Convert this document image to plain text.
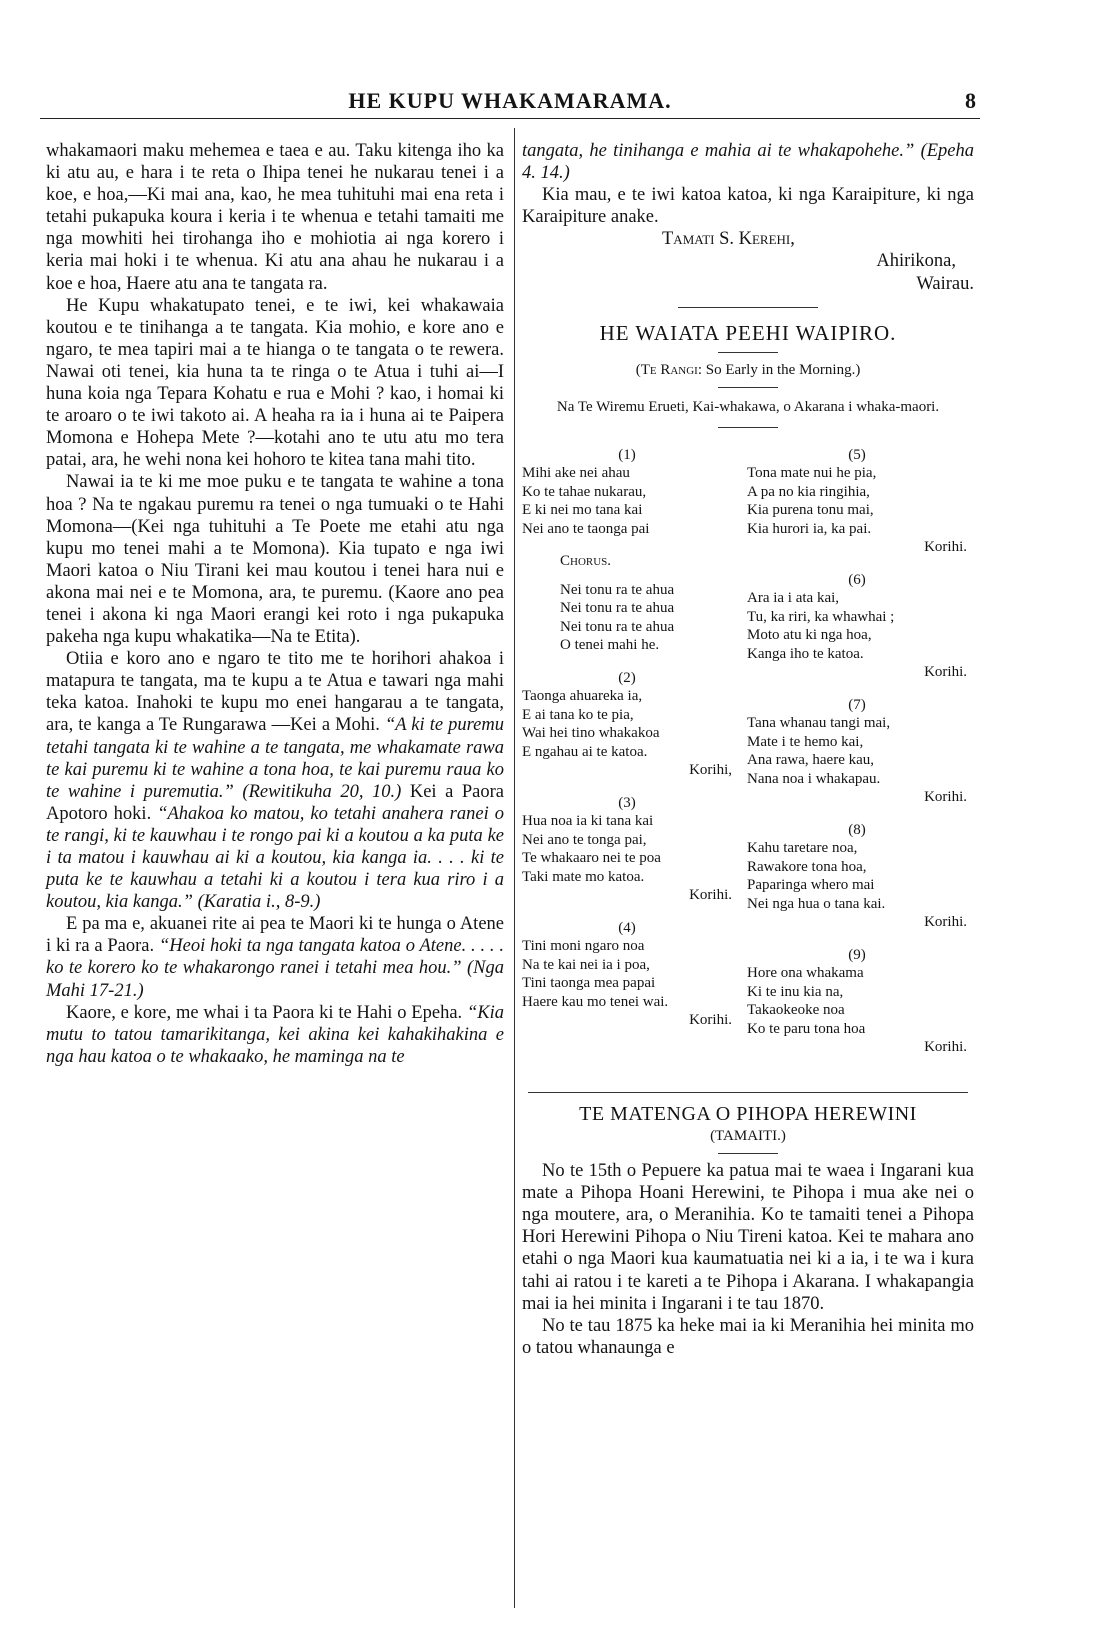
HE KUPU WHAKAMARAMA.	8

whakamaori maku mehemea e taea e au. Taku kitenga iho ka ki atu au, e hara i te reta o Ihipa tenei he nukarau tenei i a koe, e hoa,—Ki mai ana, kao, he mea tuhituhi mai ena reta i tetahi pukapuka koura i keria i te whenua e tetahi tamaiti me nga mowhiti hei tirohanga iho e mohiotia ai nga korero i keria mai hoki i te whenua. Ki atu ana ahau he nukarau i a koe e hoa, Haere atu ana te tangata ra.

He Kupu whakatupato tenei, e te iwi, kei whakawaia koutou e te tinihanga a te tangata. Kia mohio, e kore ano e ngaro, te mea tapiri mai a te hianga o te tangata o te rewera. Nawai oti tenei, kia huna ta te ringa o te Atua i tuhi ai—I huna koia nga Tepara Kohatu e rua e Mohi ? kao, i homai ki te aroaro o te iwi takoto ai. A heaha ra ia i huna ai te Paipera Momona e Hohepa Mete ?—kotahi ano te utu atu mo tera patai, ara, he wehi nona kei hohoro te kitea tana mahi tito.

Nawai ia te ki me moe puku e te tangata te wahine a tona hoa ? Na te ngakau puremu ra tenei o nga tumuaki o te Hahi Momona—(Kei nga tuhituhi a Te Poete me etahi atu nga kupu mo tenei mahi a te Momona). Kia tupato e nga iwi Maori katoa o Niu Tirani kei mau koutou i tenei hara nui e akona mai nei e te Momona, ara, te puremu. (Kaore ano pea tenei i akona ki nga Maori erangi kei roto i nga pukapuka pakeha nga kupu whakatika—Na te Etita).

Otiia e koro ano e ngaro te tito me te horihori ahakoa i matapura te tangata, ma te kupu a te Atua e tawari nga mahi teka katoa. Inahoki te kupu mo enei hangarau a te tangata, ara, te kanga a Te Rungarawa —Kei a Mohi. “A ki te puremu tetahi tangata ki te wahine a te tangata, me whakamate rawa te kai puremu ki te wahine a tona hoa, te kai puremu raua ko te wahine i puremutia.” (Rewitikuha 20, 10.) Kei a Paora Apotoro hoki. “Ahakoa ko matou, ko tetahi anahera ranei o te rangi, ki te kauwhau i te rongo pai ki a koutou a ka puta ke i ta matou i kauwhau ai ki a koutou, kia kanga ia. . . . ki te puta ke te kauwhau a tetahi ki a koutou i tera kua riro i a koutou, kia kanga.” (Karatia i., 8-9.)

E pa ma e, akuanei rite ai pea te Maori ki te hunga o Atene i ki ra a Paora. “Heoi hoki ta nga tangata katoa o Atene. . . . . ko te korero ko te whakarongo ranei i tetahi mea hou.” (Nga Mahi 17-21.)

Kaore, e kore, me whai i ta Paora ki te Hahi o Epeha. “Kia mutu to tatou tamarikitanga, kei akina kei kahakihakina e nga hau katoa o te whakaako, he maminga na te

tangata, he tinihanga e mahia ai te whakapohehe.” (Epeha 4. 14.)

Kia mau, e te iwi katoa katoa, ki nga Karaipiture, ki nga Karaipiture anake.

Tamati S. Kerehi,
Ahirikona,
Wairau.
HE WAIATA PEEHI WAIPIRO.
(Te Rangi: So Early in the Morning.)
Na Te Wiremu Erueti, Kai-whakawa, o Akarana i whaka-maori.
(1)
Mihi ake nei ahau
Ko te tahae nukarau,
E ki nei mo tana kai
Nei ano te taonga pai
Chorus.
Nei tonu ra te ahua
Nei tonu ra te ahua
Nei tonu ra te ahua
O tenei mahi he.
(2)
Taonga ahuareka ia,
E ai tana ko te pia,
Wai hei tino whakakoa
E ngahau ai te katoa.
Korihi,
(3)
Hua noa ia ki tana kai
Nei ano te tonga pai,
Te whakaaro nei te poa
Taki mate mo katoa.
Korihi.
(4)
Tini moni ngaro noa
Na te kai nei ia i poa,
Tini taonga mea papai
Haere kau mo tenei wai.
Korihi.
(5)
Tona mate nui he pia,
A pa no kia ringihia,
Kia purena tonu mai,
Kia hurori ia, ka pai.
Korihi.
(6)
Ara ia i ata kai,
Tu, ka riri, ka whawhai ;
Moto atu ki nga hoa,
Kanga iho te katoa.
Korihi.
(7)
Tana whanau tangi mai,
Mate i te hemo kai,
Ana rawa, haere kau,
Nana noa i whakapau.
Korihi.
(8)
Kahu taretare noa,
Rawakore tona hoa,
Paparinga whero mai
Nei nga hua o tana kai.
Korihi.
(9)
Hore ona whakama
Ki te inu kia na,
Takaokeoke noa
Ko te paru tona hoa
Korihi.
TE MATENGA O PIHOPA HEREWINI
(TAMAITI.)

No te 15th o Pepuere ka patua mai te waea i Ingarani kua mate a Pihopa Hoani Herewini, te Pihopa i mua ake nei o nga moutere, ara, o Meranihia. Ko te tamaiti tenei a Pihopa Hori Herewini Pihopa o Niu Tireni katoa. Kei te mahara ano etahi o nga Maori kua kaumatuatia nei ki a ia, i te wa i kura tahi ai ratou i te kareti a te Pihopa i Akarana. I whakapangia mai ia hei minita i Ingarani i te tau 1870.

No te tau 1875 ka heke mai ia ki Meranihia hei minita mo o tatou whanaunga e
